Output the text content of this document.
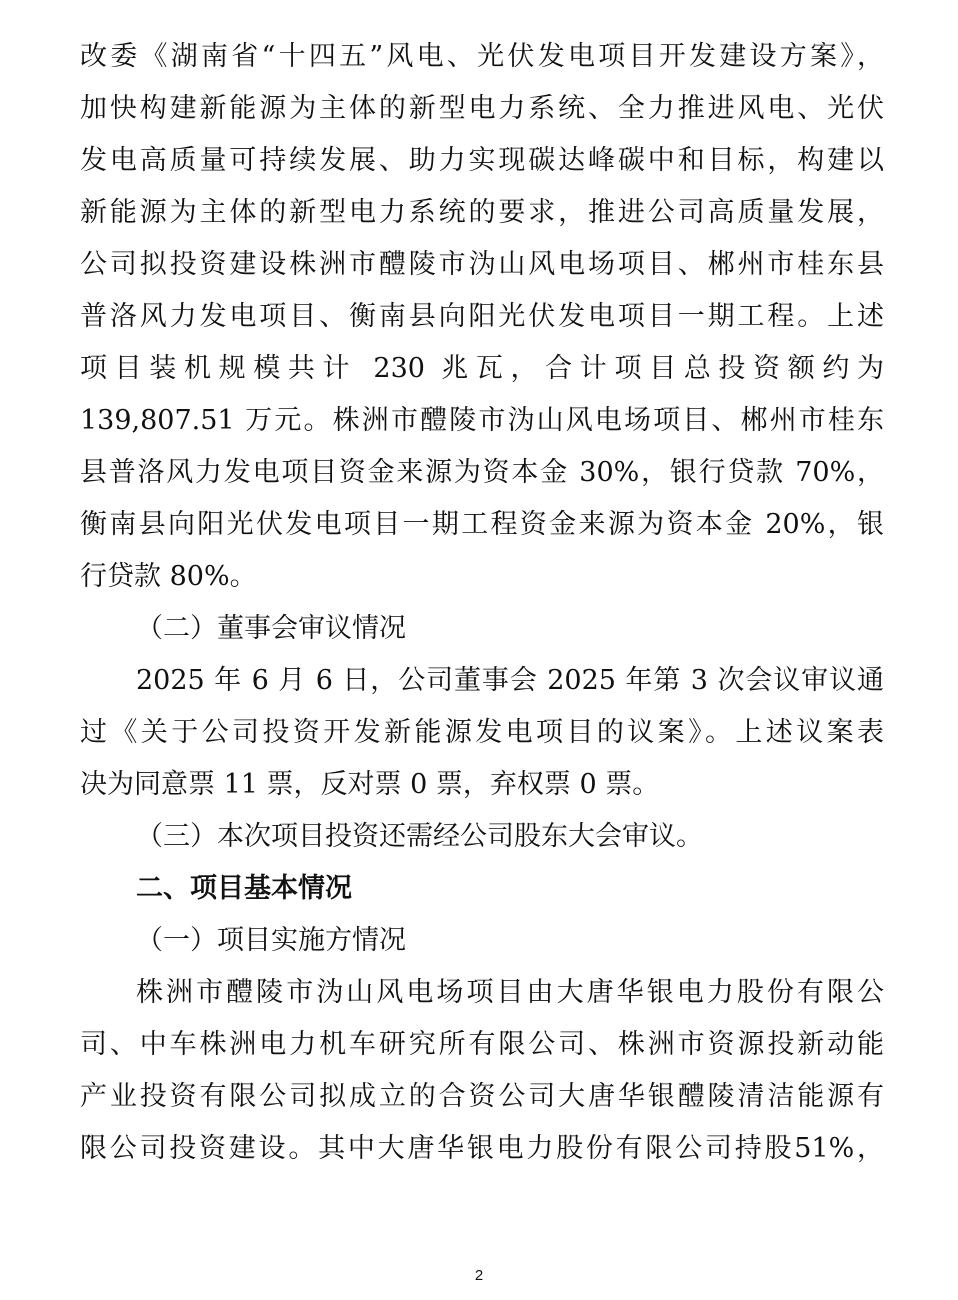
改委《湖南省“十四五”风电、光伏发电项目开发建设方案》，
加快构建新能源为主体的新型电力系统、全力推进风电、光伏
发电高质量可持续发展、助力实现碳达峰碳中和目标，构建以
新能源为主体的新型电力系统的要求，推进公司高质量发展，
公司拟投资建设株洲市醴陵市沩山风电场项目、郴州市桂东县
普洛风力发电项目、衡南县向阳光伏发电项目一期工程。上述
项目装机规模共计 230 兆瓦，合计项目总投资额约为
139,807.51 万元。株洲市醴陵市沩山风电场项目、郴州市桂东
县普洛风力发电项目资金来源为资本金 30%，银行贷款 70%，
衡南县向阳光伏发电项目一期工程资金来源为资本金 20%，银
行贷款 80%。
（二）董事会审议情况
2025 年 6 月 6 日，公司董事会 2025 年第 3 次会议审议通
过《关于公司投资开发新能源发电项目的议案》。上述议案表
决为同意票 11 票，反对票 0 票，弃权票 0 票。
（三）本次项目投资还需经公司股东大会审议。
二、项目基本情况
（一）项目实施方情况
株洲市醴陵市沩山风电场项目由大唐华银电力股份有限公
司、中车株洲电力机车研究所有限公司、株洲市资源投新动能
产业投资有限公司拟成立的合资公司大唐华银醴陵清洁能源有
限公司投资建设。其中大唐华银电力股份有限公司持股51%，
2
